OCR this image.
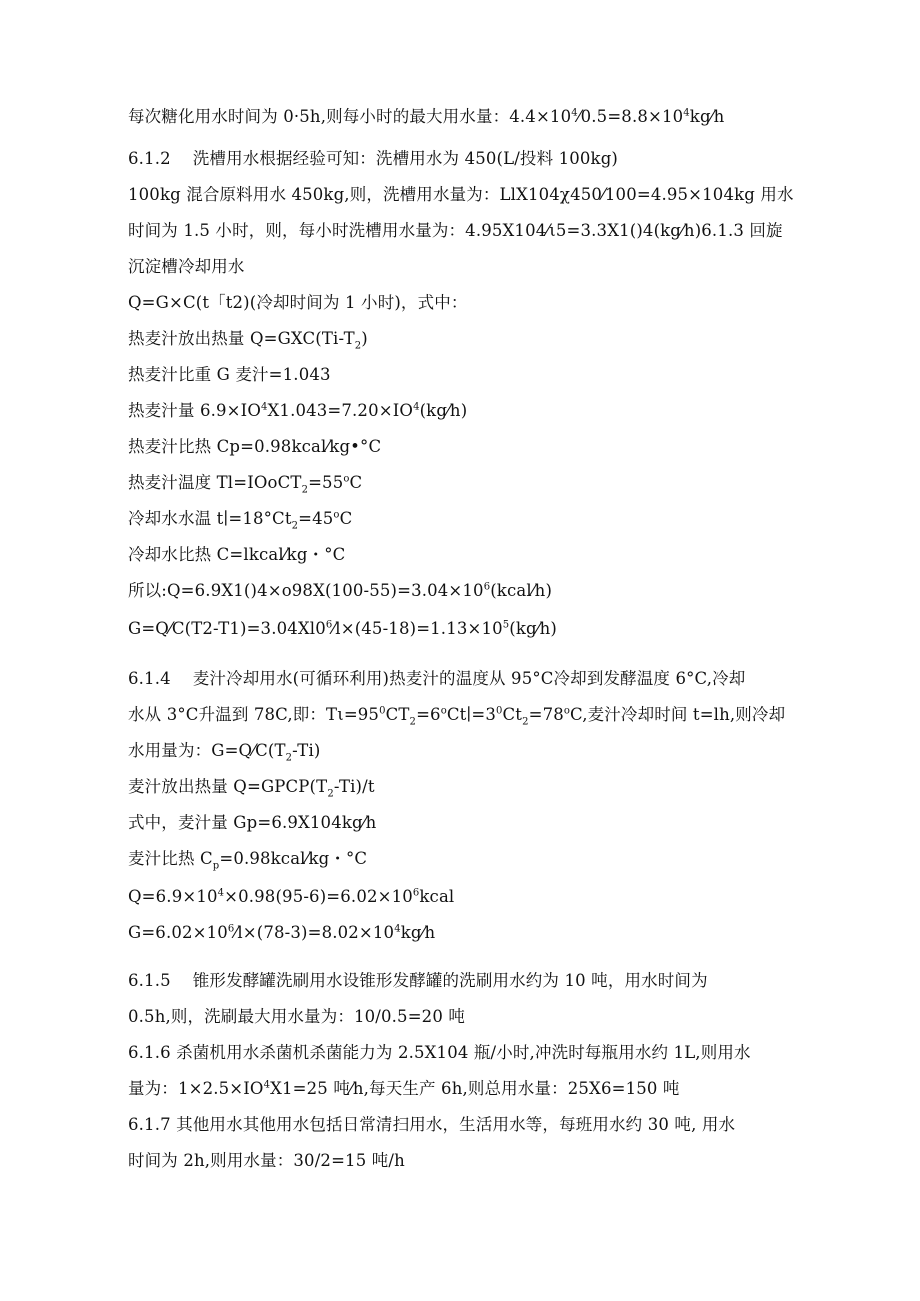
每次糖化用水时间为 0·5h,则每小时的最大用水量：$4.4\times 10^4⁄0.5=8.8\times 10^4kg⁄h$
6.1.2　 洗槽用水根据经验可知：洗槽用水为 450(L/投料 100kg)
100kg 混合原料用水 450kg,则，洗槽用水量为：LlX104χ450⁄100=4.95×104kg 用水
时间为 1.5 小时，则，每小时洗槽用水量为：4.95X104⁄ι5=3.3X1()4(kg⁄h)6.1.3 回旋
沉淀槽冷却用水
Q=G×C(t「t2)(冷却时间为 1 小时)，式中：
热麦汁放出热量 $Q=GXC(Ti-T_2)$
热麦汁比重 G 麦汁=1.043
热麦汁量 $6.9\times IO^4X1.043=7.20\times IO^4(kg⁄h)$
热麦汁比热 Cp=0.98kcal⁄kg•°C
热麦汁温度 $Tl=IOoCT_2=55^oC$
冷却水水温 $t∣=18^\circ Ct_2=45^oC$
冷却水比热 C=lkcal⁄kg・°C
所以$:Q=6.9X1()4\times o98X(100-55)=3.04\times 10^6(kcal⁄h)$
$G=Q⁄C(T2-T1)=3.04Xl0^6⁄l\times(45-18)=1.13\times 10^5(kg⁄h)$
6.1.4　 麦汁冷却用水(可循环利用)热麦汁的温度从 95°C冷却到发酵温度 6°C,冷却
水从 3°C升温到 78C,即：$T\iota=95^0CT_2=6^oCt∣=3^0Ct_2=78^oC$,麦汁冷却时间 t=lh,则冷却
水用量为：$G=Q⁄C(T_2-Ti)$
麦汁放出热量 $Q=GPCP(T_2-Ti)/t$
式中，麦汁量 Gp=6.9X104kg⁄h
麦汁比热 $C_p=0.98kcal⁄kg$・°C
$Q=6.9\times 10^4\times 0.98(95-6)=6.02\times 10^6kcal$
$G=6.02\times 10^6⁄l\times(78-3)=8.02\times 10^4kg⁄h$
6.1.5　 锥形发酵罐洗刷用水设锥形发酵罐的洗刷用水约为 10 吨，用水时间为
0.5h,则，洗刷最大用水量为：10/0.5=20 吨
6.1.6 杀菌机用水杀菌机杀菌能力为 2.5X104 瓶/小时,冲洗时每瓶用水约 1L,则用水
量为：$1\times 2.5\times IO^4X1=25$ 吨⁄h,每天生产 6h,则总用水量：25X6=150 吨
6.1.7 其他用水其他用水包括日常清扫用水，生活用水等，每班用水约 30 吨, 用水
时间为 2h,则用水量：30/2=15 吨/h
